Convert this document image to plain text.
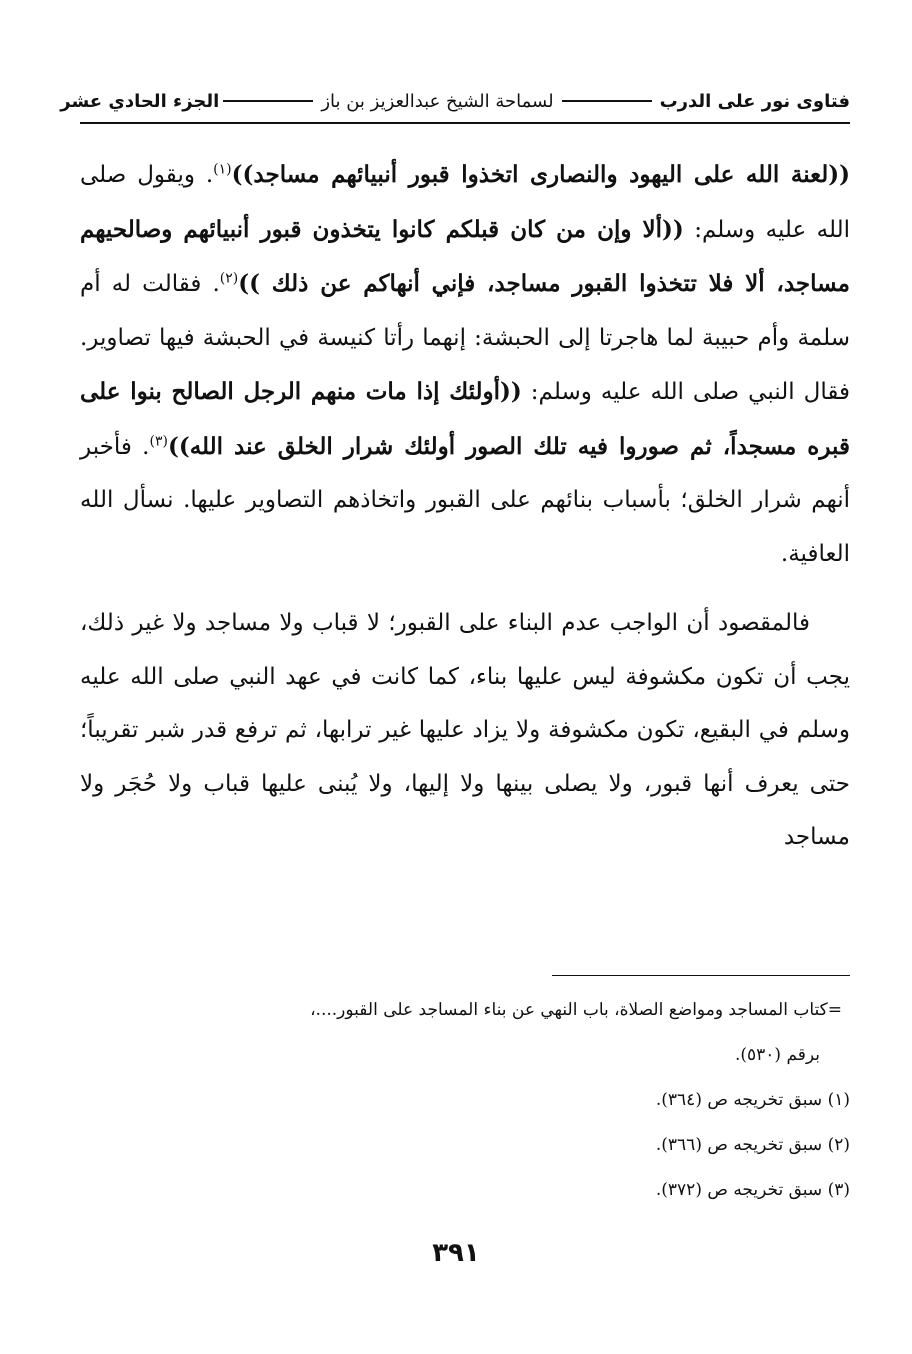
فتاوى نور على الدرب
لسماحة الشيخ عبدالعزيز بن باز
الجزء الحادي عشر

((لعنة الله على اليهود والنصارى اتخذوا قبور أنبيائهم مساجد))$^{(١)}$. ويقول صلى الله عليه وسلم: ((ألا وإن من كان قبلكم كانوا يتخذون قبور أنبيائهم وصالحيهم مساجد، ألا فلا تتخذوا القبور مساجد، فإني أنهاكم عن ذلك ))$^{(٢)}$. فقالت له أم سلمة وأم حبيبة لما هاجرتا إلى الحبشة: إنهما رأتا كنيسة في الحبشة فيها تصاوير. فقال النبي صلى الله عليه وسلم: ((أولئك إذا مات منهم الرجل الصالح بنوا على قبره مسجداً، ثم صوروا فيه تلك الصور أولئك شرار الخلق عند الله))$^{(٣)}$. فأخبر أنهم شرار الخلق؛ بأسباب بنائهم على القبور واتخاذهم التصاوير عليها. نسأل الله العافية.

فالمقصود أن الواجب عدم البناء على القبور؛ لا قباب ولا مساجد ولا غير ذلك، يجب أن تكون مكشوفة ليس عليها بناء، كما كانت في عهد النبي صلى الله عليه وسلم في البقيع، تكون مكشوفة ولا يزاد عليها غير ترابها، ثم ترفع قدر شبر تقريباً؛ حتى يعرف أنها قبور، ولا يصلى بينها ولا إليها، ولا يُبنى عليها قباب ولا حُجَر ولا مساجد

=كتاب المساجد ومواضع الصلاة، باب النهي عن بناء المساجد على القبور....،
برقم (٥٣٠).
(١) سبق تخريجه ص (٣٦٤).
(٢) سبق تخريجه ص (٣٦٦).
(٣) سبق تخريجه ص (٣٧٢).
٣٩١
